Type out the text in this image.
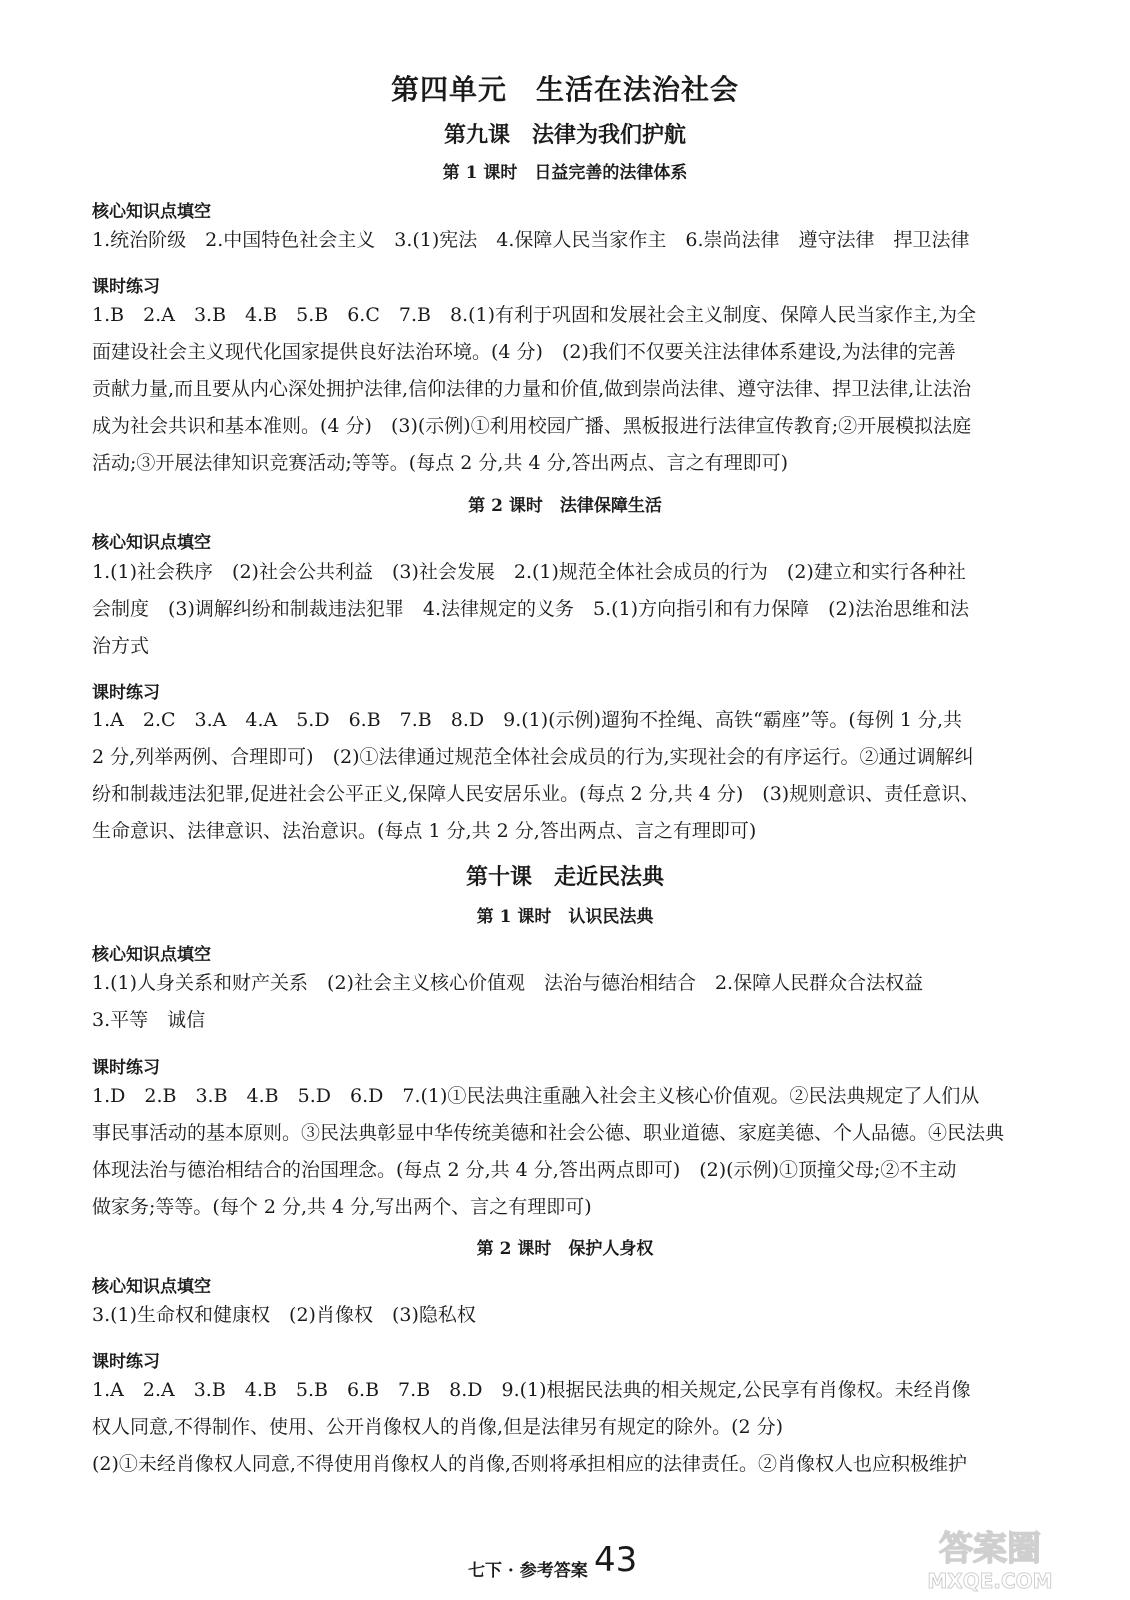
第四单元　生活在法治社会
第九课　法律为我们护航
第 1 课时　日益完善的法律体系
核心知识点填空
1.统治阶级　2.中国特色社会主义　3.(1)宪法　4.保障人民当家作主　6.崇尚法律　遵守法律　捍卫法律
课时练习
1.B　2.A　3.B　4.B　5.B　6.C　7.B　8.(1)有利于巩固和发展社会主义制度、保障人民当家作主,为全
面建设社会主义现代化国家提供良好法治环境。(4 分)　(2)我们不仅要关注法律体系建设,为法律的完善
贡献力量,而且要从内心深处拥护法律,信仰法律的力量和价值,做到崇尚法律、遵守法律、捍卫法律,让法治
成为社会共识和基本准则。(4 分)　(3)(示例)①利用校园广播、黑板报进行法律宣传教育;②开展模拟法庭
活动;③开展法律知识竞赛活动;等等。(每点 2 分,共 4 分,答出两点、言之有理即可)
第 2 课时　法律保障生活
核心知识点填空
1.(1)社会秩序　(2)社会公共利益　(3)社会发展　2.(1)规范全体社会成员的行为　(2)建立和实行各种社
会制度　(3)调解纠纷和制裁违法犯罪　4.法律规定的义务　5.(1)方向指引和有力保障　(2)法治思维和法
治方式
课时练习
1.A　2.C　3.A　4.A　5.D　6.B　7.B　8.D　9.(1)(示例)遛狗不拴绳、高铁“霸座”等。(每例 1 分,共
2 分,列举两例、合理即可)　(2)①法律通过规范全体社会成员的行为,实现社会的有序运行。②通过调解纠
纷和制裁违法犯罪,促进社会公平正义,保障人民安居乐业。(每点 2 分,共 4 分)　(3)规则意识、责任意识、
生命意识、法律意识、法治意识。(每点 1 分,共 2 分,答出两点、言之有理即可)
第十课　走近民法典
第 1 课时　认识民法典
核心知识点填空
1.(1)人身关系和财产关系　(2)社会主义核心价值观　法治与德治相结合　2.保障人民群众合法权益
3.平等　诚信
课时练习
1.D　2.B　3.B　4.B　5.D　6.D　7.(1)①民法典注重融入社会主义核心价值观。②民法典规定了人们从
事民事活动的基本原则。③民法典彰显中华传统美德和社会公德、职业道德、家庭美德、个人品德。④民法典
体现法治与德治相结合的治国理念。(每点 2 分,共 4 分,答出两点即可)　(2)(示例)①顶撞父母;②不主动
做家务;等等。(每个 2 分,共 4 分,写出两个、言之有理即可)
第 2 课时　保护人身权
核心知识点填空
3.(1)生命权和健康权　(2)肖像权　(3)隐私权
课时练习
1.A　2.A　3.B　4.B　5.B　6.B　7.B　8.D　9.(1)根据民法典的相关规定,公民享有肖像权。未经肖像
权人同意,不得制作、使用、公开肖像权人的肖像,但是法律另有规定的除外。(2 分)
(2)①未经肖像权人同意,不得使用肖像权人的肖像,否则将承担相应的法律责任。②肖像权人也应积极维护
七下 · 参考答案 43	答案圈
MXQE.COM
